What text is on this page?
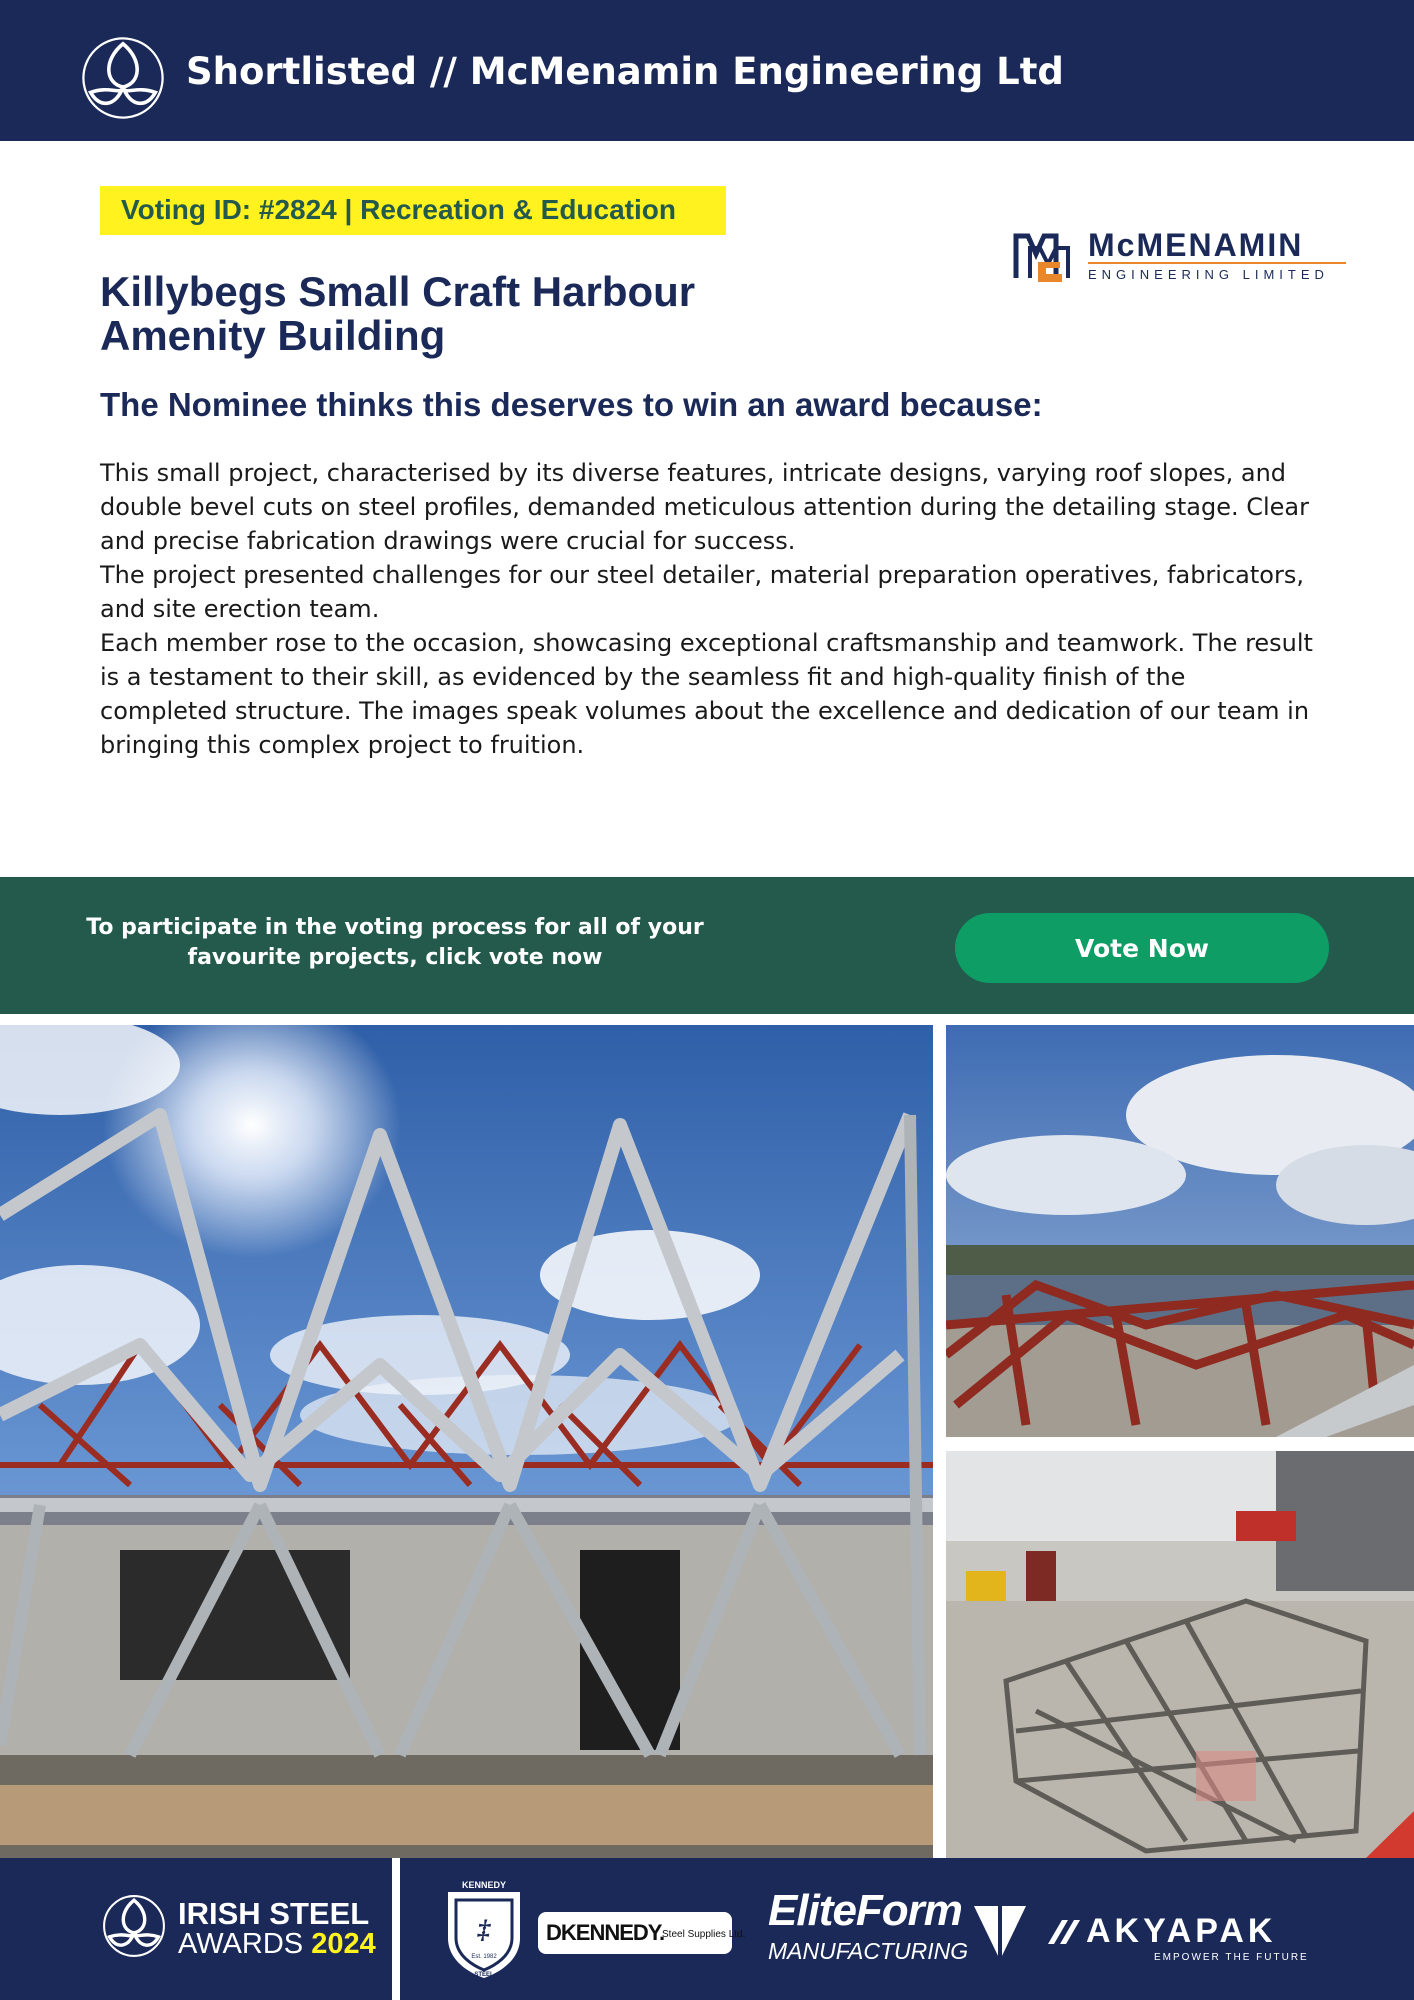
Shortlisted // McMenamin Engineering Ltd
Voting ID: #2824 | Recreation & Education
McMENAMIN
ENGINEERING LIMITED
Killybegs Small Craft Harbour
Amenity Building
The Nominee thinks this deserves to win an award because:

This small project, characterised by its diverse features, intricate designs, varying roof slopes, and double bevel cuts on steel profiles, demanded meticulous attention during the detailing stage. Clear and precise fabrication drawings were crucial for success.

The project presented challenges for our steel detailer, material preparation operatives, fabricators, and site erection team.

Each member rose to the occasion, showcasing exceptional craftsmanship and teamwork. The result is a testament to their skill, as evidenced by the seamless fit and high-quality finish of the completed structure. The images speak volumes about the excellence and dedication of our team in bringing this complex project to fruition.

To participate in the voting process for all of your favourite projects, click vote now	Vote Now
IRISH STEEL
AWARDS 2024
KENNEDY
‡
Est. 1982
STEEL
DKENNEDY.
Steel Supplies Ltd. EliteForm
MANUFACTURING
AKYAPAK
EMPOWER THE FUTURE
